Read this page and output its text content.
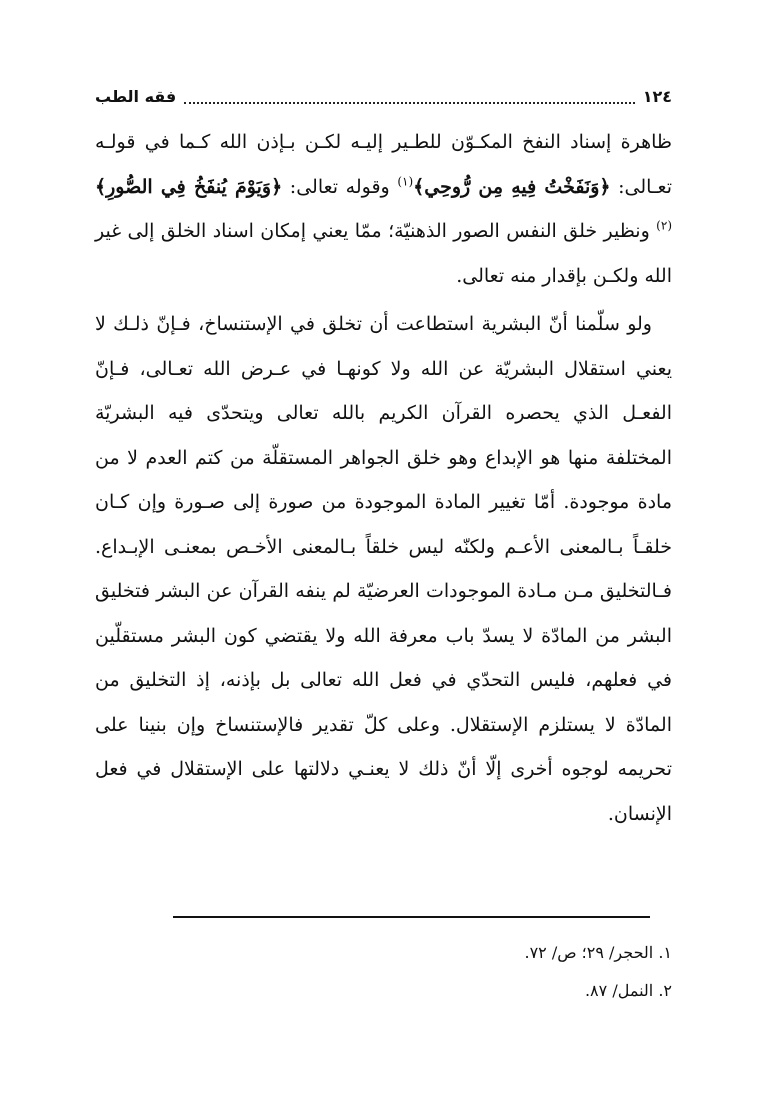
١٢٤
فقه الطب

ظاهرة إسناد النفخ المكـوّن للطـير إليـه لكـن بـإذن الله كـما في قولـه تعـالى: ﴿وَنَفَخْتُ فِيهِ مِن رُّوحِي﴾$^{(١)}$ وقوله تعالى: ﴿وَيَوْمَ يُنفَخُ فِي الصُّورِ﴾$^{(٢)}$ ونظير خلق النفس الصور الذهنيّة؛ ممّا يعني إمكان اسناد الخلق إلى غير الله ولكـن بإقدار منه تعالى.

ولو سلّمنا أنّ البشرية استطاعت أن تخلق في الإستنساخ، فـإنّ ذلـك لا يعني استقلال البشريّة عن الله ولا كونهـا في عـرض الله تعـالى، فـإنّ الفعـل الذي يحصره القرآن الكريم بالله تعالى ويتحدّى فيه البشريّة المختلفة منها هو الإبداع وهو خلق الجواهر المستقلّة من كتم العدم لا من مادة موجودة. أمّا تغيير المادة الموجودة من صورة إلى صـورة وإن كـان خلقـاً بـالمعنى الأعـم ولكنّه ليس خلقاً بـالمعنى الأخـص بمعنـى الإبـداع. فـالتخليق مـن مـادة الموجودات العرضيّة لم ينفه القرآن عن البشر فتخليق البشر من المادّة لا يسدّ باب معرفة الله ولا يقتضي كون البشر مستقلّين في فعلهم، فليس التحدّي في فعل الله تعالى بل بإذنه، إذ التخليق من المادّة لا يستلزم الإستقلال. وعلى كلّ تقدير فالإستنساخ وإن بنينا على تحريمه لوجوه أخرى إلّا أنّ ذلك لا يعنـي دلالتها على الإستقلال في فعل الإنسان.

١. الحجر/ ٢٩؛ ص/ ٧٢.
٢. النمل/ ٨٧.
